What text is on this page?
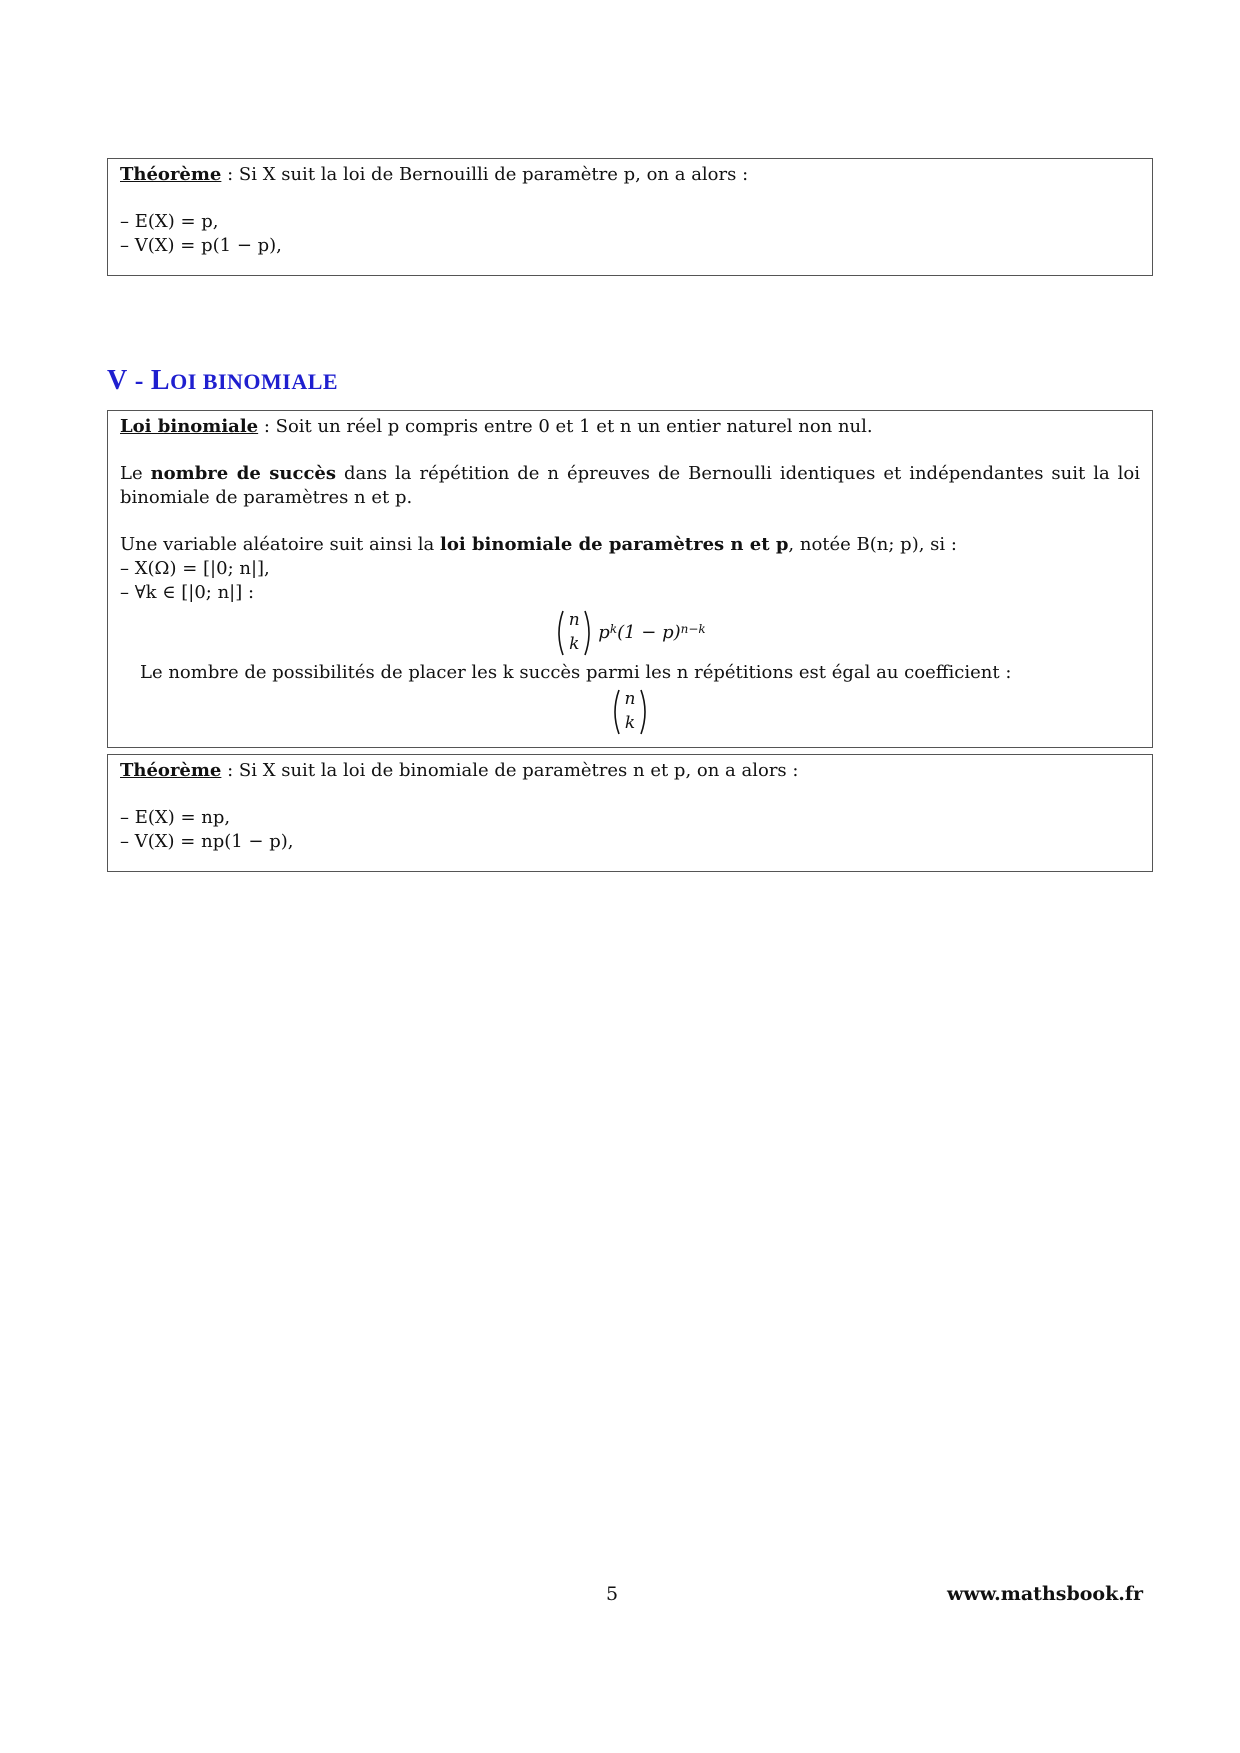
Théorème : Si X suit la loi de Bernouilli de paramètre p, on a alors :

– E(X) = p,

– V(X) = p(1 − p),

V - LOI BINOMIALE

Loi binomiale : Soit un réel p compris entre 0 et 1 et n un entier naturel non nul.

Le nombre de succès dans la répétition de n épreuves de Bernoulli identiques et indépendantes suit la loi binomiale de paramètres n et p.

Une variable aléatoire suit ainsi la loi binomiale de paramètres n et p, notée B(n; p), si :

– X(Ω) = [|0; n|],

– ∀k ∈ [|0; n|] :

n
k
$p^k(1 - p)^{n-k}$

Le nombre de possibilités de placer les k succès parmi les n répétitions est égal au coefficient :

n
k

Théorème : Si X suit la loi de binomiale de paramètres n et p, on a alors :

– E(X) = np,

– V(X) = np(1 − p),

5	www.mathsbook.fr
